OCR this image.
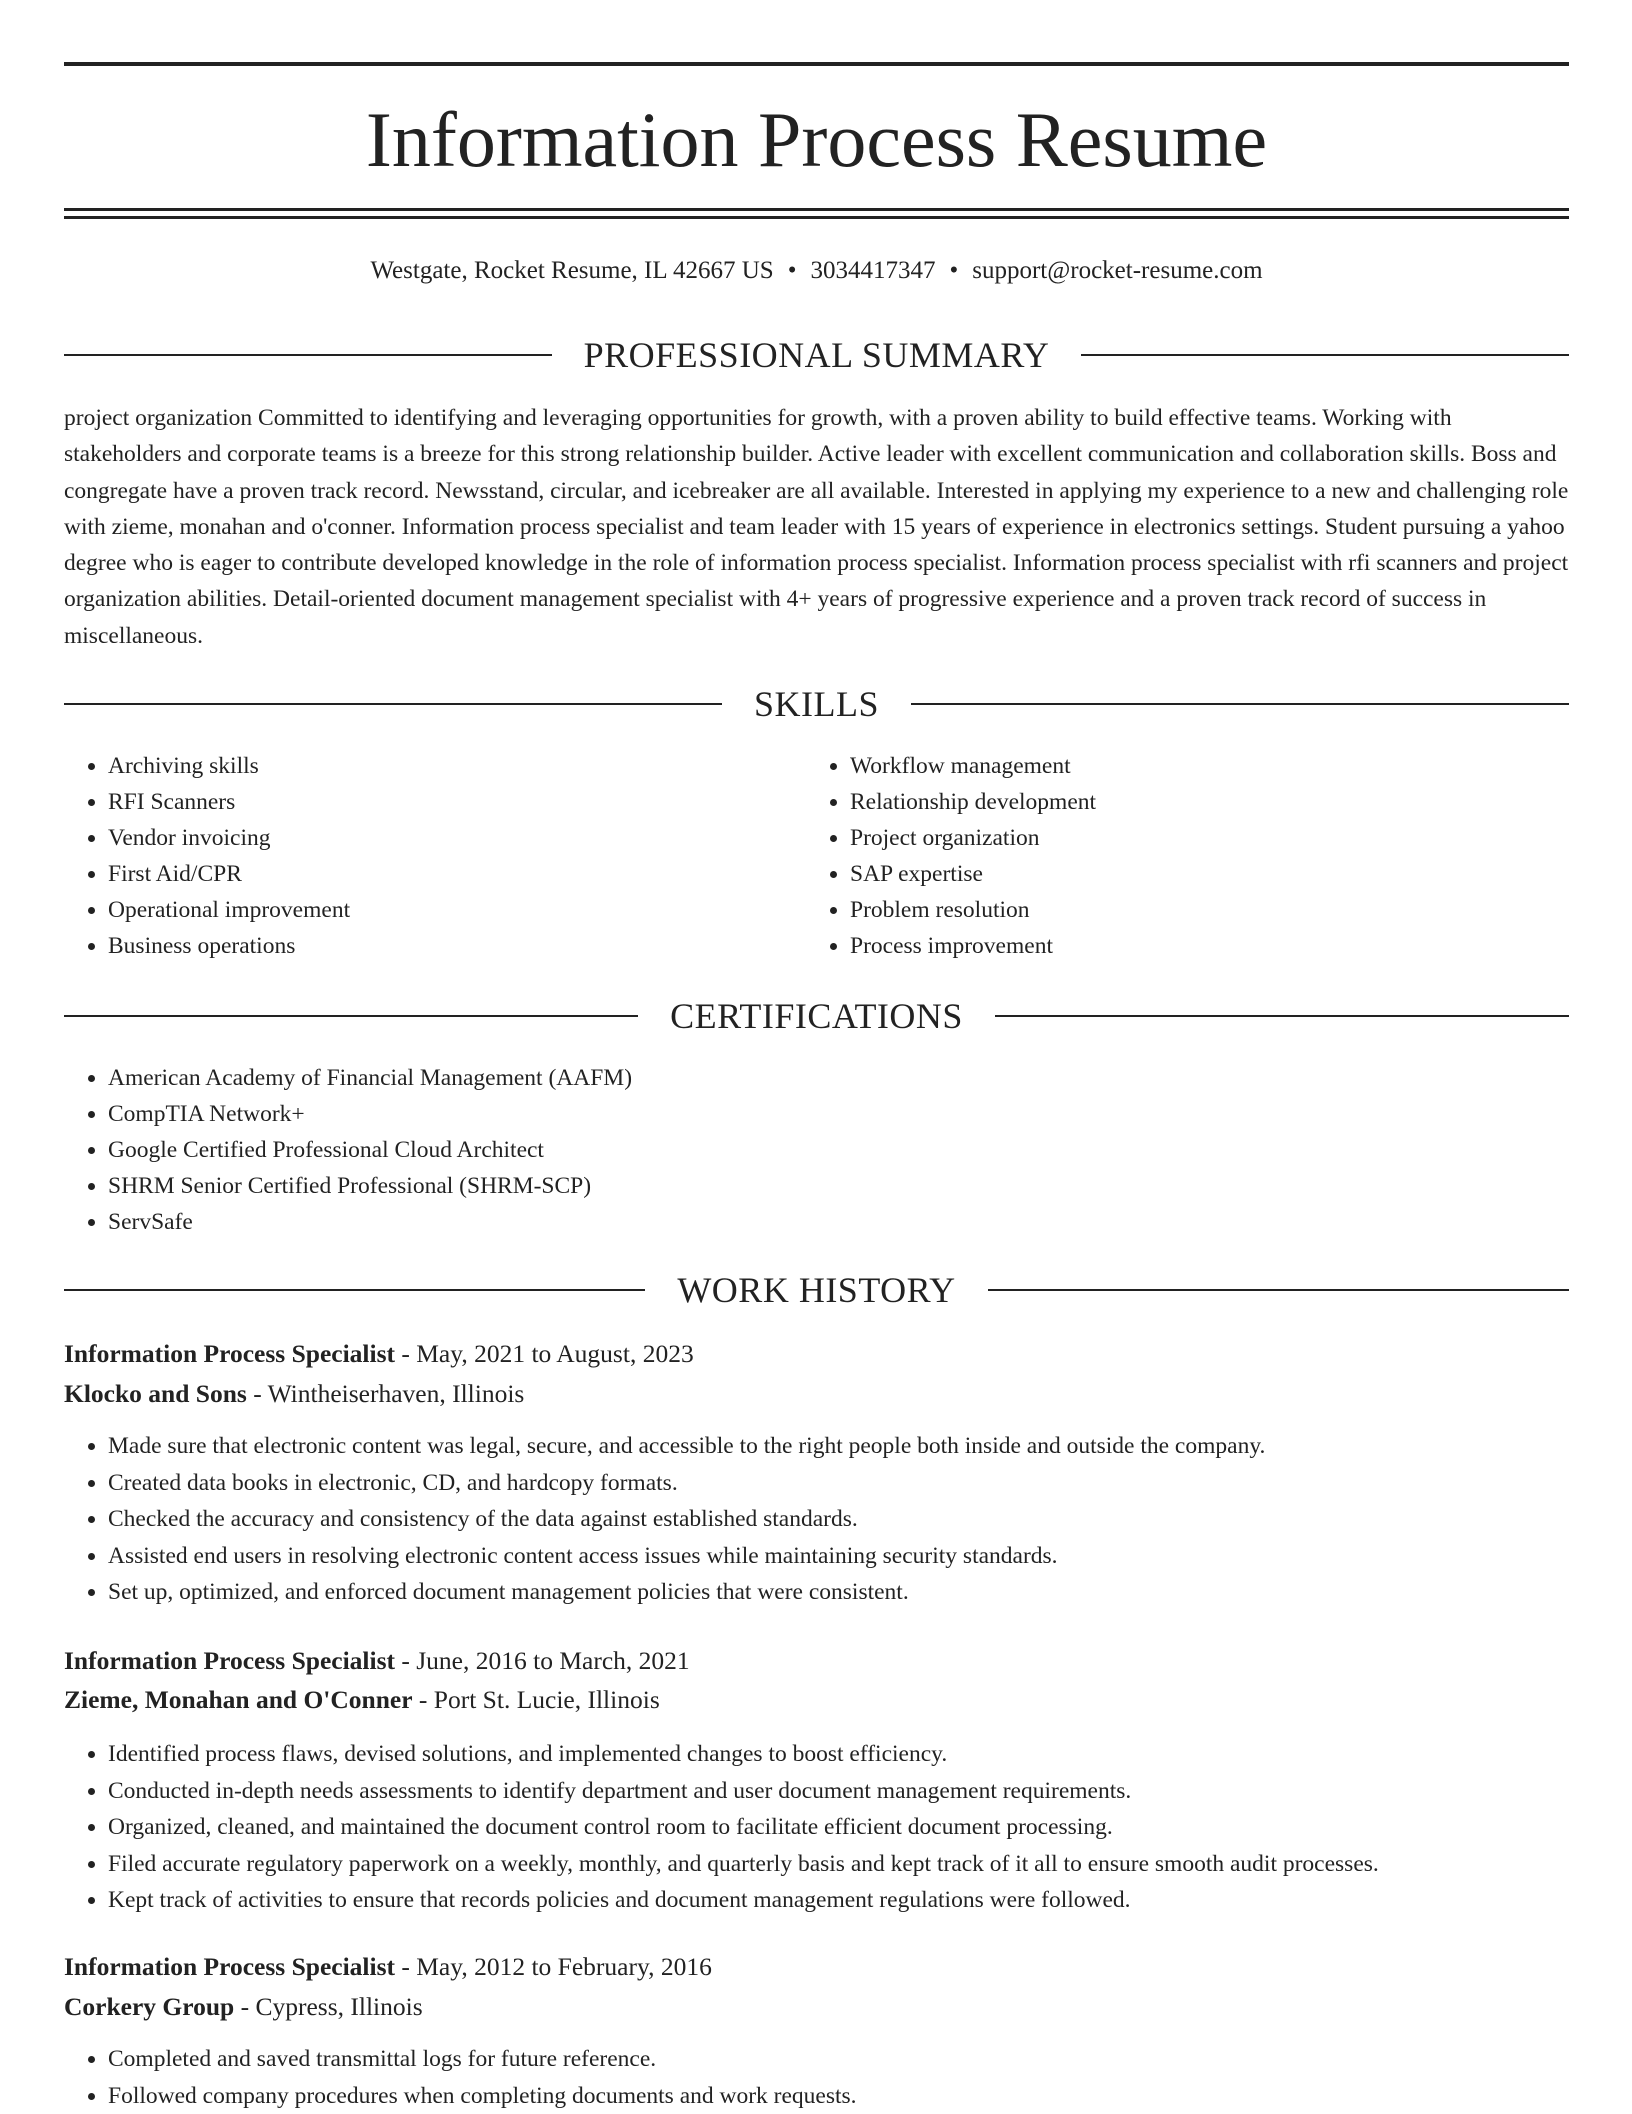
Information Process Resume
Westgate, Rocket Resume, IL 42667 US • 3034417347 • support@rocket-resume.com
PROFESSIONAL SUMMARY

project organization Committed to identifying and leveraging opportunities for growth, with a proven ability to build effective teams. Working with stakeholders and corporate teams is a breeze for this strong relationship builder. Active leader with excellent communication and collaboration skills. Boss and congregate have a proven track record. Newsstand, circular, and icebreaker are all available. Interested in applying my experience to a new and challenging role with zieme, monahan and o'conner. Information process specialist and team leader with 15 years of experience in electronics settings. Student pursuing a yahoo degree who is eager to contribute developed knowledge in the role of information process specialist. Information process specialist with rfi scanners and project organization abilities. Detail-oriented document management specialist with 4+ years of progressive experience and a proven track record of success in miscellaneous.

SKILLS
• Archiving skills
• RFI Scanners
• Vendor invoicing
• First Aid/CPR
• Operational improvement
• Business operations
• Workflow management
• Relationship development
• Project organization
• SAP expertise
• Problem resolution
• Process improvement
CERTIFICATIONS
• American Academy of Financial Management (AAFM)
• CompTIA Network+
• Google Certified Professional Cloud Architect
• SHRM Senior Certified Professional (SHRM-SCP)
• ServSafe
WORK HISTORY
Information Process Specialist - May, 2021 to August, 2023
Klocko and Sons - Wintheiserhaven, Illinois
• Made sure that electronic content was legal, secure, and accessible to the right people both inside and outside the company.
• Created data books in electronic, CD, and hardcopy formats.
• Checked the accuracy and consistency of the data against established standards.
• Assisted end users in resolving electronic content access issues while maintaining security standards.
• Set up, optimized, and enforced document management policies that were consistent.
Information Process Specialist - June, 2016 to March, 2021
Zieme, Monahan and O'Conner - Port St. Lucie, Illinois
• Identified process flaws, devised solutions, and implemented changes to boost efficiency.
• Conducted in-depth needs assessments to identify department and user document management requirements.
• Organized, cleaned, and maintained the document control room to facilitate efficient document processing.
• Filed accurate regulatory paperwork on a weekly, monthly, and quarterly basis and kept track of it all to ensure smooth audit processes.
• Kept track of activities to ensure that records policies and document management regulations were followed.
Information Process Specialist - May, 2012 to February, 2016
Corkery Group - Cypress, Illinois
• Completed and saved transmittal logs for future reference.
• Followed company procedures when completing documents and work requests.
